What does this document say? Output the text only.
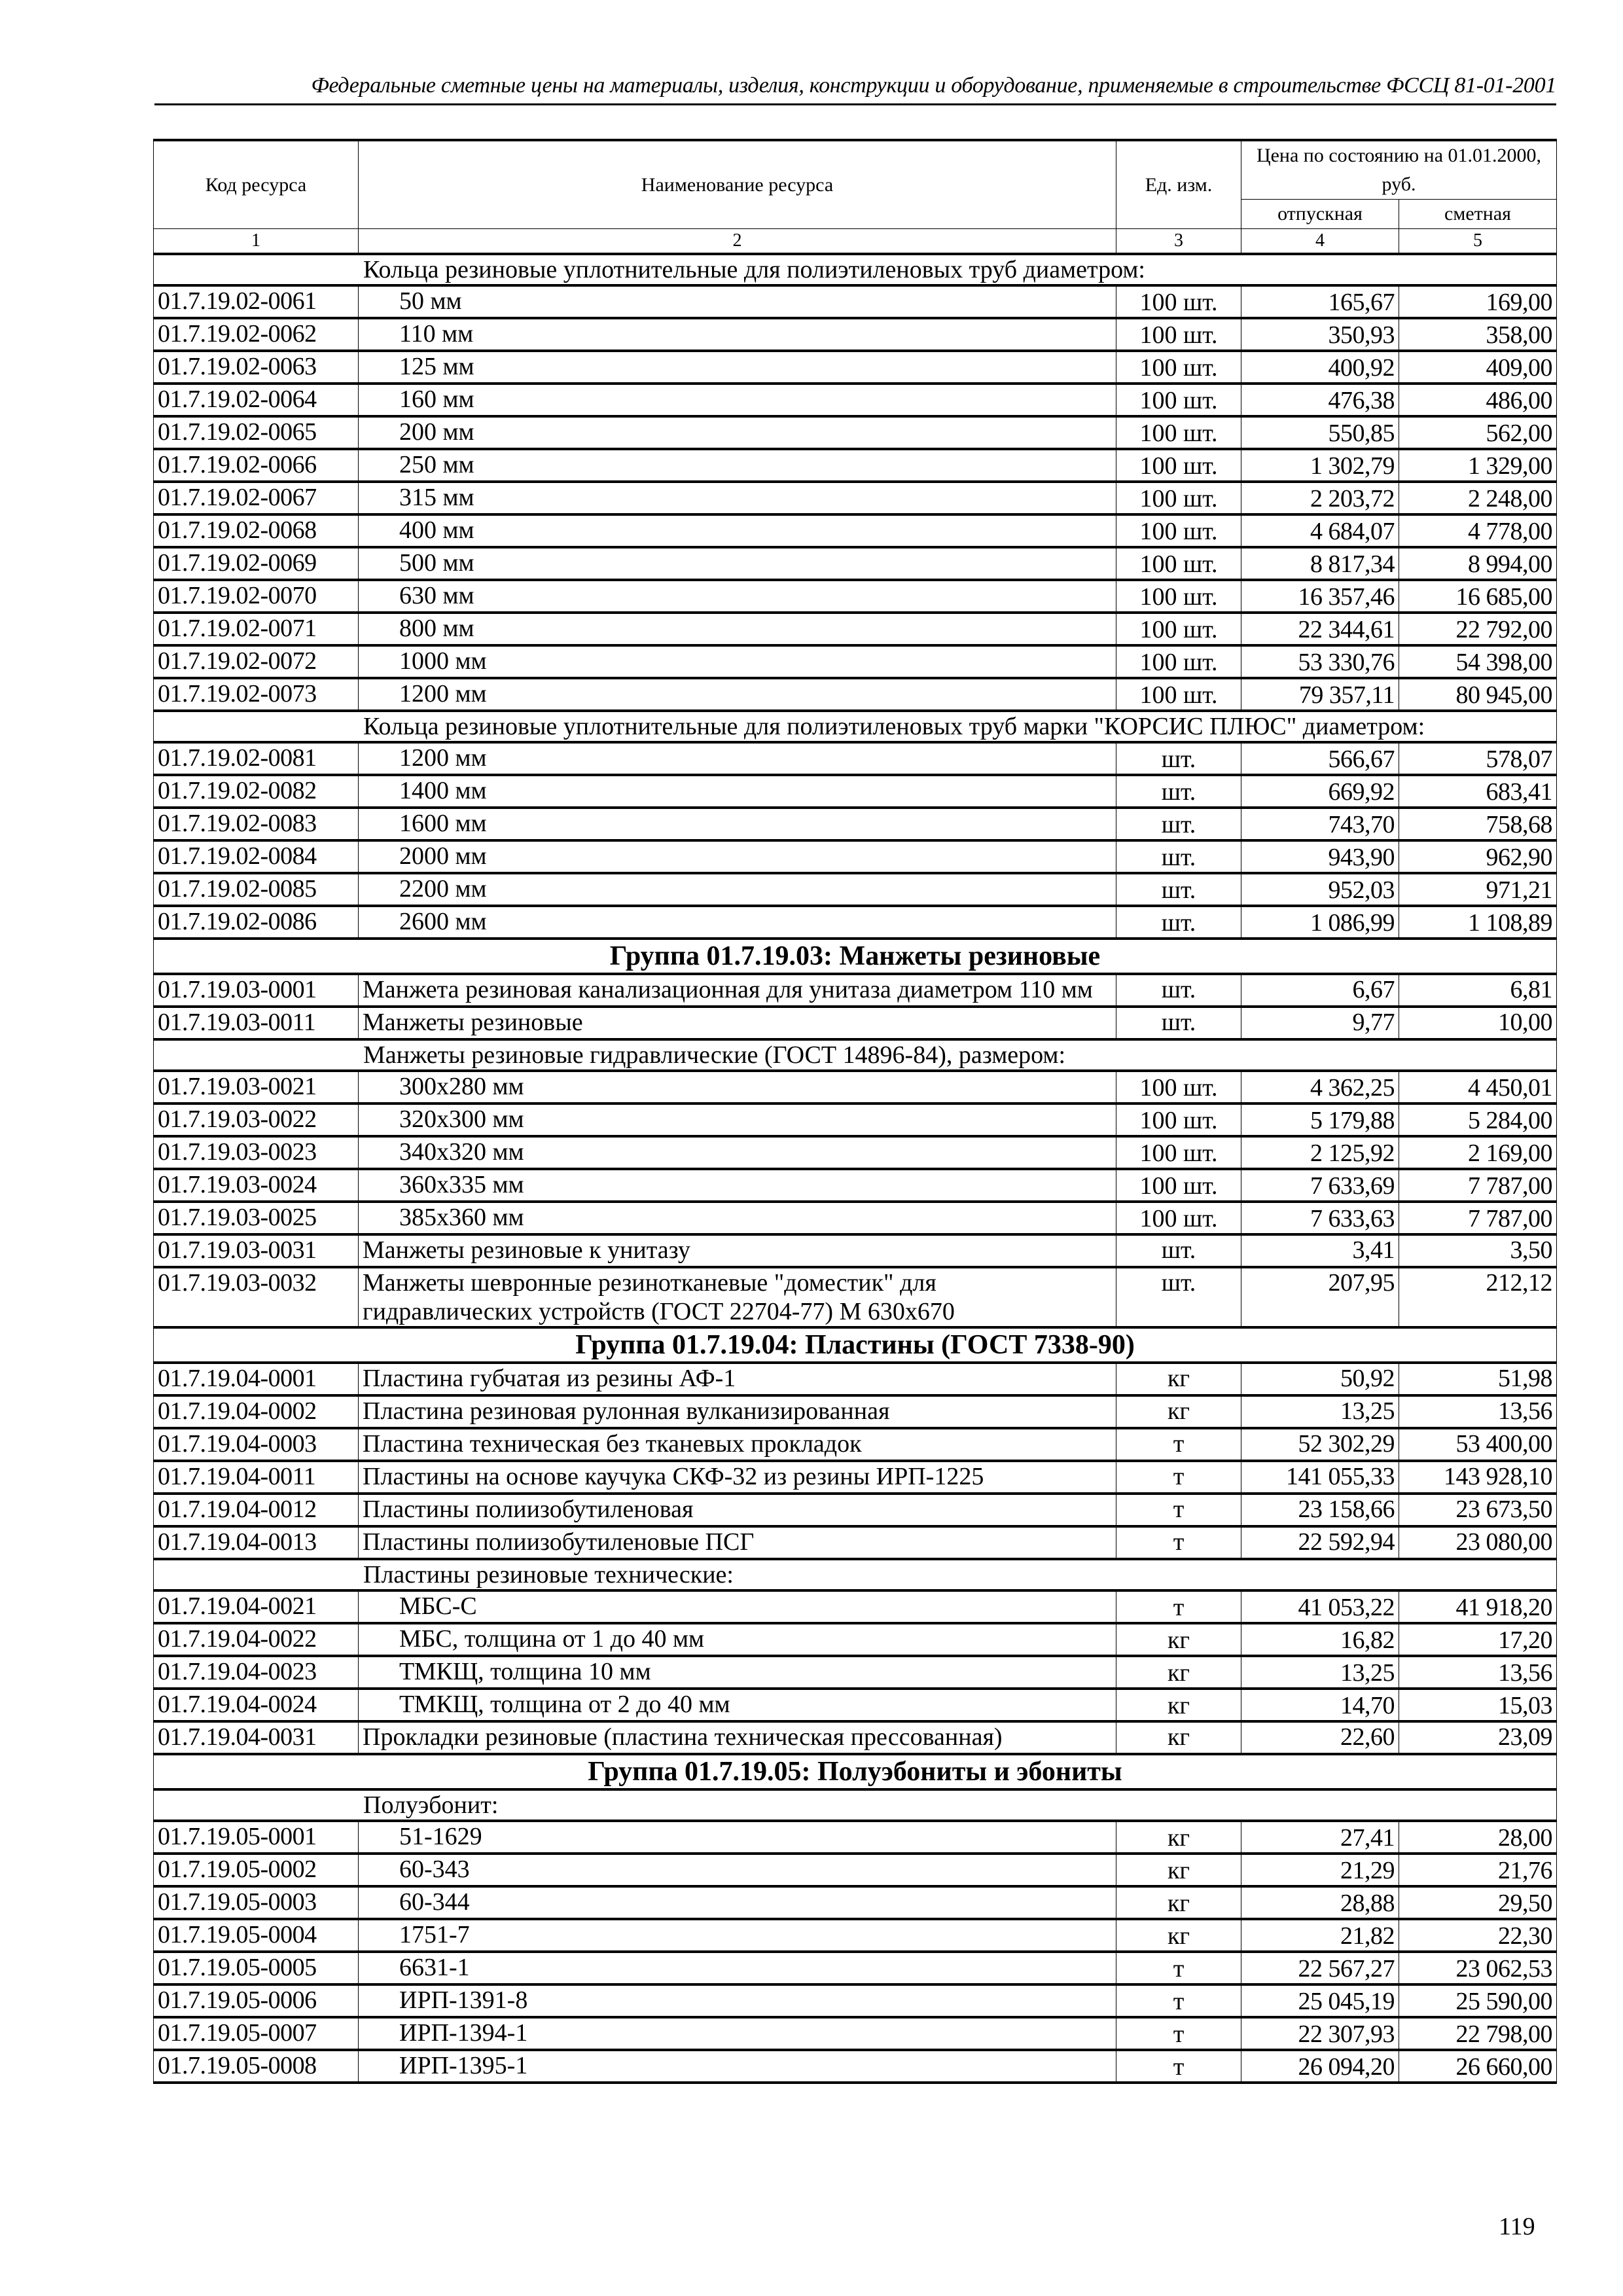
Федеральные сметные цены на материалы, изделия, конструкции и оборудование, применяемые в строительстве ФССЦ 81-01-2001
Код ресурса	Наименование ресурса	Ед. изм.	Цена по состоянию на 01.01.2000, руб.	
			отпускная	сметная
1	2	3	4	5
Кольца резиновые уплотнительные для полиэтиленовых труб диаметром:				
01.7.19.02-0061	50 мм	100 шт.	165,67	169,00
01.7.19.02-0062	110 мм	100 шт.	350,93	358,00
01.7.19.02-0063	125 мм	100 шт.	400,92	409,00
01.7.19.02-0064	160 мм	100 шт.	476,38	486,00
01.7.19.02-0065	200 мм	100 шт.	550,85	562,00
01.7.19.02-0066	250 мм	100 шт.	1 302,79	1 329,00
01.7.19.02-0067	315 мм	100 шт.	2 203,72	2 248,00
01.7.19.02-0068	400 мм	100 шт.	4 684,07	4 778,00
01.7.19.02-0069	500 мм	100 шт.	8 817,34	8 994,00
01.7.19.02-0070	630 мм	100 шт.	16 357,46	16 685,00
01.7.19.02-0071	800 мм	100 шт.	22 344,61	22 792,00
01.7.19.02-0072	1000 мм	100 шт.	53 330,76	54 398,00
01.7.19.02-0073	1200 мм	100 шт.	79 357,11	80 945,00
Кольца резиновые уплотнительные для полиэтиленовых труб марки "КОРСИС ПЛЮС" диаметром:				
01.7.19.02-0081	1200 мм	шт.	566,67	578,07
01.7.19.02-0082	1400 мм	шт.	669,92	683,41
01.7.19.02-0083	1600 мм	шт.	743,70	758,68
01.7.19.02-0084	2000 мм	шт.	943,90	962,90
01.7.19.02-0085	2200 мм	шт.	952,03	971,21
01.7.19.02-0086	2600 мм	шт.	1 086,99	1 108,89
Группа 01.7.19.03: Манжеты резиновые				
01.7.19.03-0001	Манжета резиновая канализационная для унитаза диаметром 110 мм	шт.	6,67	6,81
01.7.19.03-0011	Манжеты резиновые	шт.	9,77	10,00
Манжеты резиновые гидравлические (ГОСТ 14896-84), размером:				
01.7.19.03-0021	300х280 мм	100 шт.	4 362,25	4 450,01
01.7.19.03-0022	320х300 мм	100 шт.	5 179,88	5 284,00
01.7.19.03-0023	340х320 мм	100 шт.	2 125,92	2 169,00
01.7.19.03-0024	360х335 мм	100 шт.	7 633,69	7 787,00
01.7.19.03-0025	385х360 мм	100 шт.	7 633,63	7 787,00
01.7.19.03-0031	Манжеты резиновые к унитазу	шт.	3,41	3,50
01.7.19.03-0032	Манжеты шевронные резинотканевые "доместик" для гидравлических устройств (ГОСТ 22704-77) М 630х670	шт.	207,95	212,12
Группа 01.7.19.04: Пластины (ГОСТ 7338-90)				
01.7.19.04-0001	Пластина губчатая из резины АФ-1	кг	50,92	51,98
01.7.19.04-0002	Пластина резиновая рулонная вулканизированная	кг	13,25	13,56
01.7.19.04-0003	Пластина техническая без тканевых прокладок	т	52 302,29	53 400,00
01.7.19.04-0011	Пластины на основе каучука СКФ-32 из резины ИРП-1225	т	141 055,33	143 928,10
01.7.19.04-0012	Пластины полиизобутиленовая	т	23 158,66	23 673,50
01.7.19.04-0013	Пластины полиизобутиленовые ПСГ	т	22 592,94	23 080,00
Пластины резиновые технические:				
01.7.19.04-0021	МБС-С	т	41 053,22	41 918,20
01.7.19.04-0022	МБС, толщина от 1 до 40 мм	кг	16,82	17,20
01.7.19.04-0023	ТМКЩ, толщина 10 мм	кг	13,25	13,56
01.7.19.04-0024	ТМКЩ, толщина от 2 до 40 мм	кг	14,70	15,03
01.7.19.04-0031	Прокладки резиновые (пластина техническая прессованная)	кг	22,60	23,09
Группа 01.7.19.05: Полуэбониты и эбониты				
Полуэбонит:				
01.7.19.05-0001	51-1629	кг	27,41	28,00
01.7.19.05-0002	60-343	кг	21,29	21,76
01.7.19.05-0003	60-344	кг	28,88	29,50
01.7.19.05-0004	1751-7	кг	21,82	22,30
01.7.19.05-0005	6631-1	т	22 567,27	23 062,53
01.7.19.05-0006	ИРП-1391-8	т	25 045,19	25 590,00
01.7.19.05-0007	ИРП-1394-1	т	22 307,93	22 798,00
01.7.19.05-0008	ИРП-1395-1	т	26 094,20	26 660,00
119
